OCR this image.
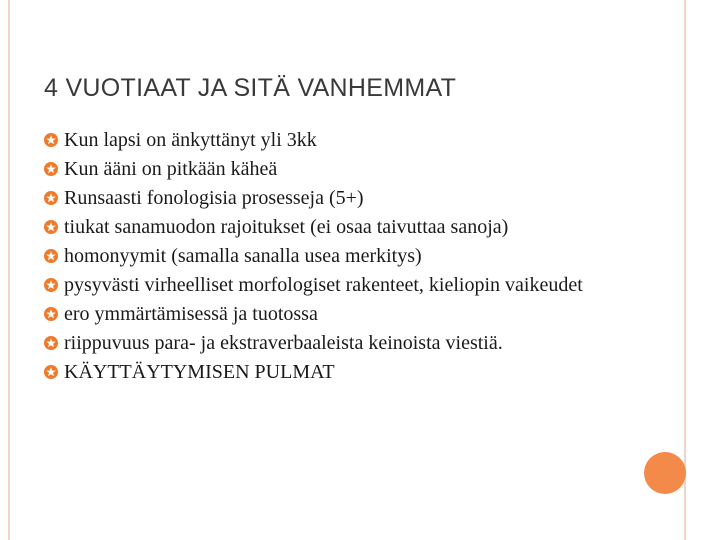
4 VUOTIAAT JA SITÄ VANHEMMAT
Kun lapsi on änkyttänyt yli 3kk
Kun ääni on pitkään käheä
Runsaasti fonologisia prosesseja (5+)
tiukat sanamuodon rajoitukset (ei osaa taivuttaa sanoja)
homonyymit (samalla sanalla usea merkitys)
pysyvästi virheelliset morfologiset rakenteet, kieliopin vaikeudet
ero ymmärtämisessä ja tuotossa
riippuvuus para- ja ekstraverbaaleista keinoista viestiä.
KÄYTTÄYTYMISEN PULMAT
